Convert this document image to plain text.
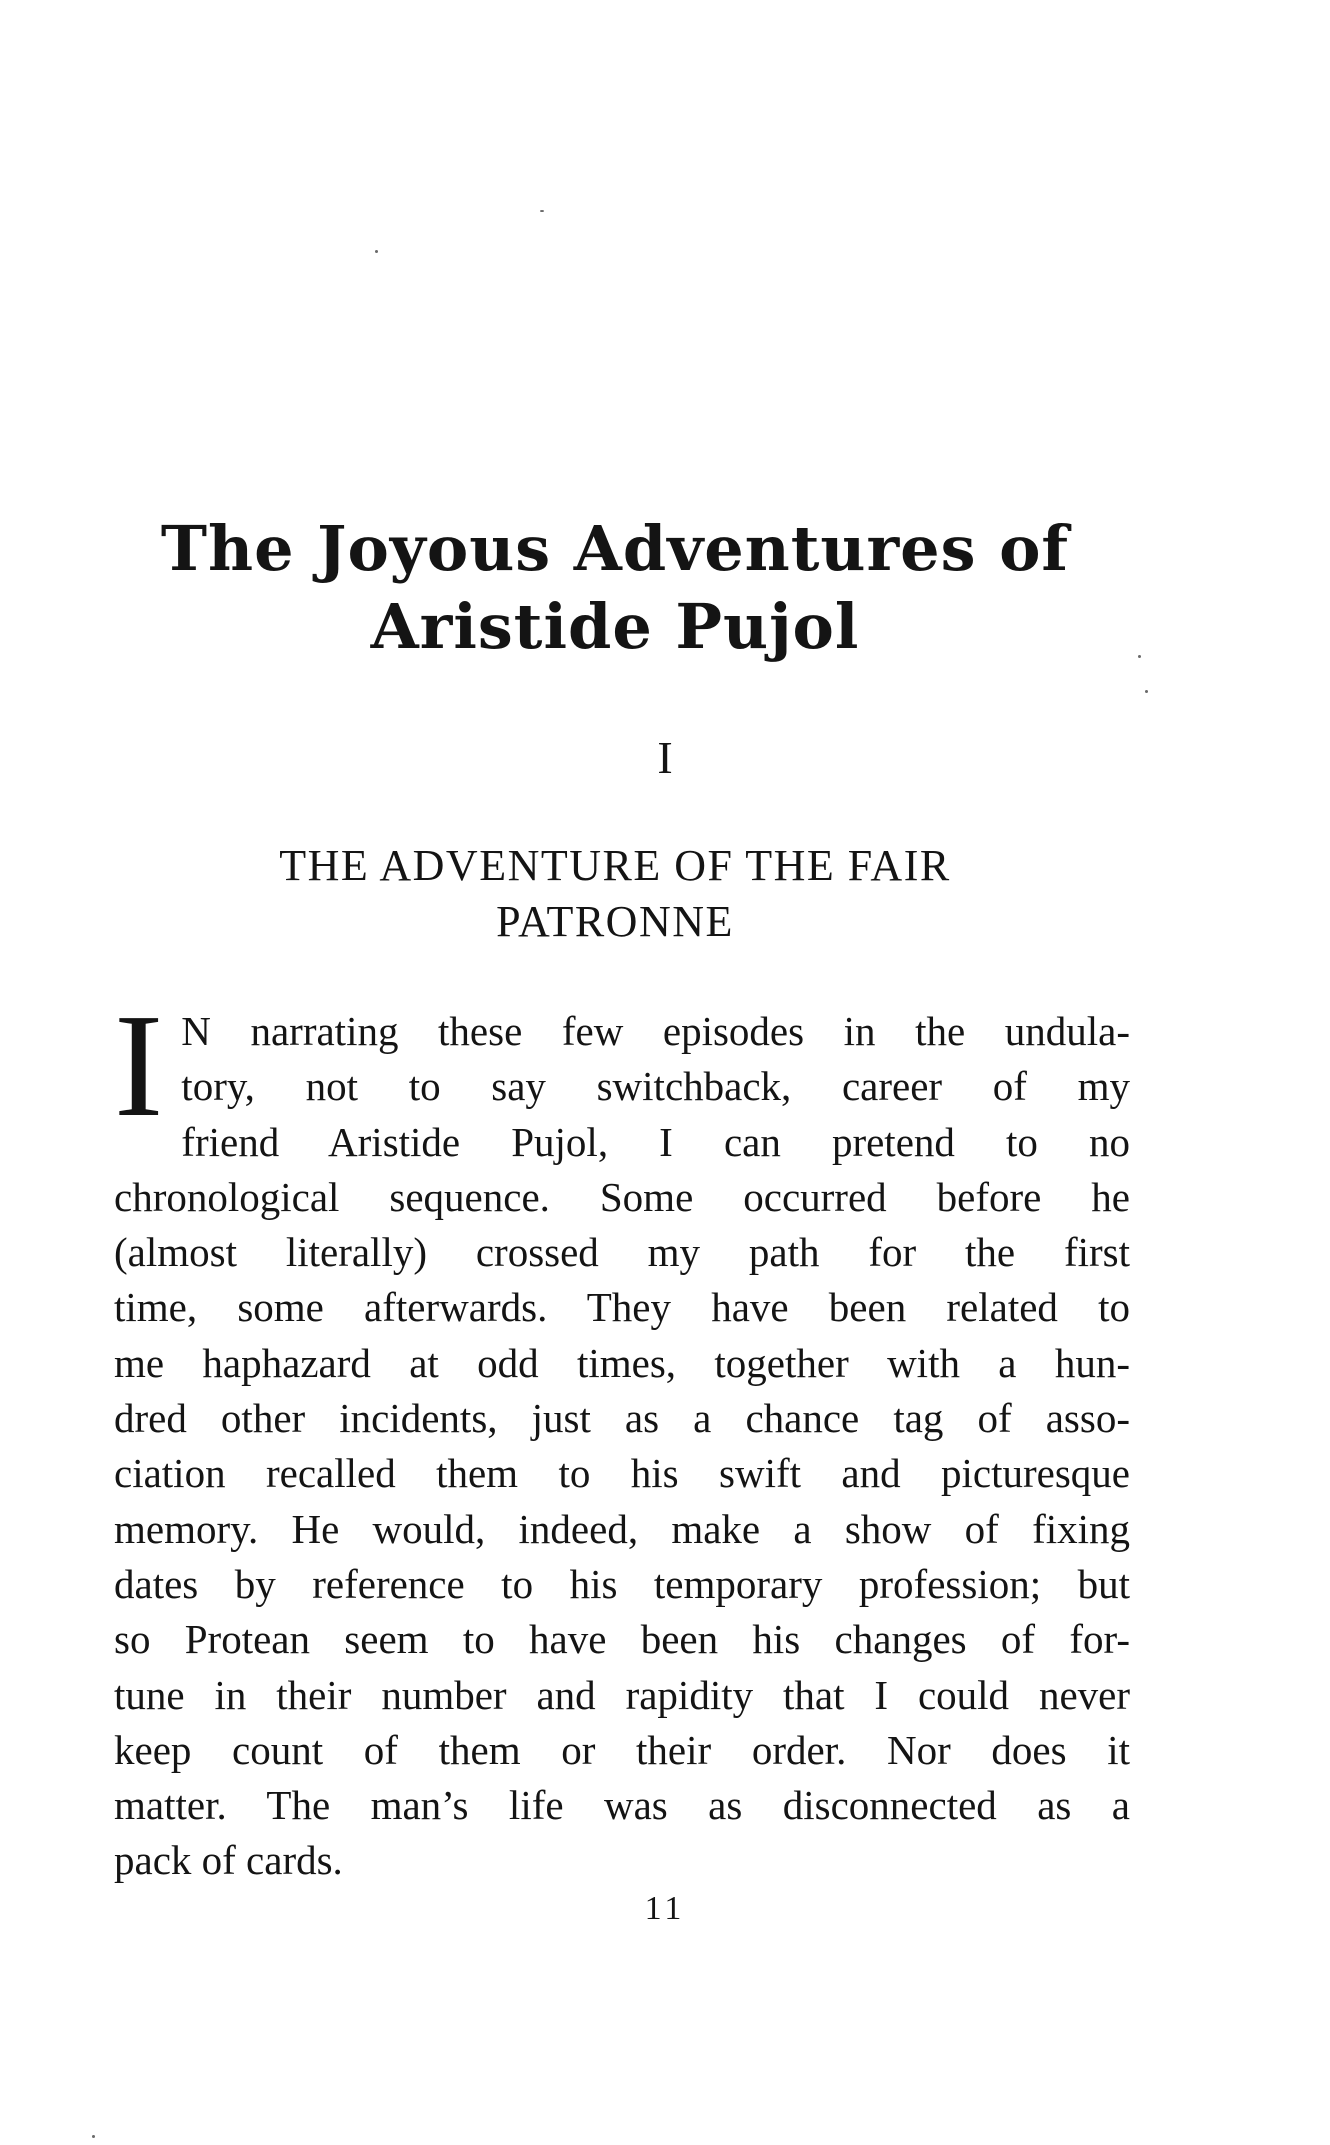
The Joyous Adventures of
Aristide Pujol
I
THE ADVENTURE OF THE FAIR
PATRONNE
I N narrating these few episodes in the undula-
tory, not to say switchback, career of my
friend Aristide Pujol, I can pretend to no
chronological sequence. Some occurred before he
(almost literally) crossed my path for the first
time, some afterwards. They have been related to
me haphazard at odd times, together with a hun-
dred other incidents, just as a chance tag of asso-
ciation recalled them to his swift and picturesque
memory. He would, indeed, make a show of fixing
dates by reference to his temporary profession; but
so Protean seem to have been his changes of for-
tune in their number and rapidity that I could never
keep count of them or their order. Nor does it
matter. The man’s life was as disconnected as a
pack of cards.
11
